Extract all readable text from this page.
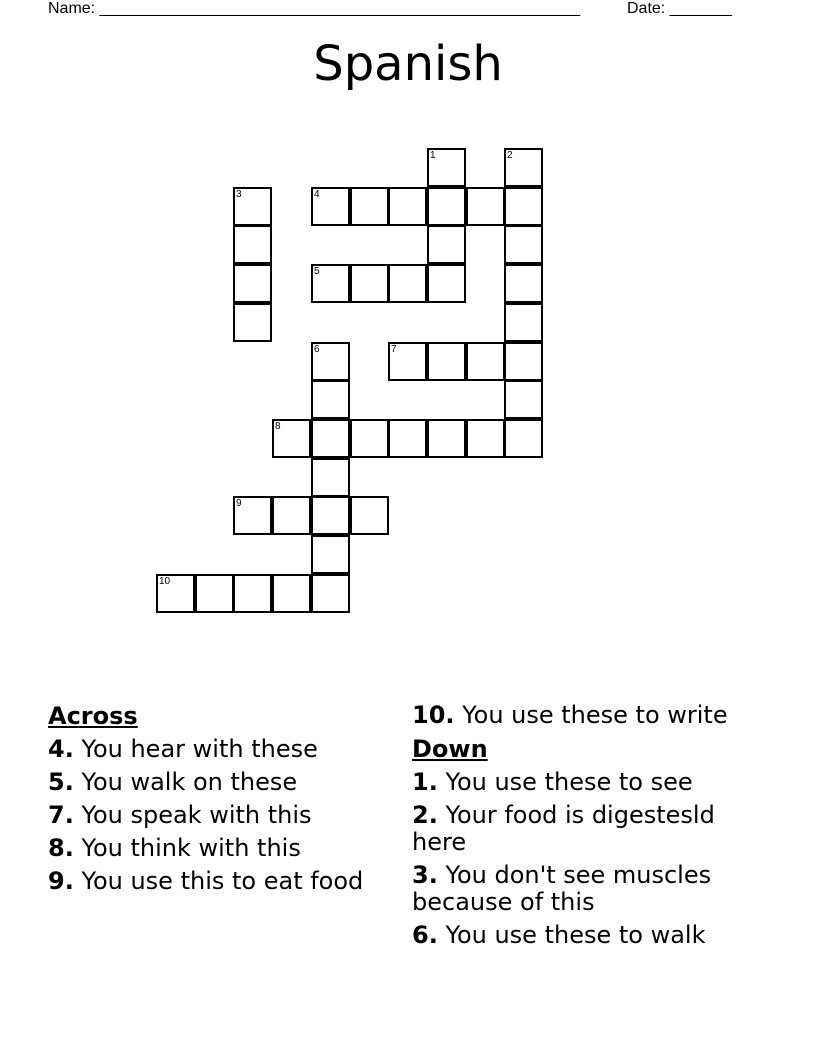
Name: ______________________________________________________	Date: _______
Spanish
1	2
3	4
5
6	7
8
9
10
Across
4. You hear with these
5. You walk on these
7. You speak with this
8. You think with this
9. You use this to eat food
10. You use these to write
Down
1. You use these to see
2. Your food is digestesld here
3. You don't see muscles because of this
6. You use these to walk
